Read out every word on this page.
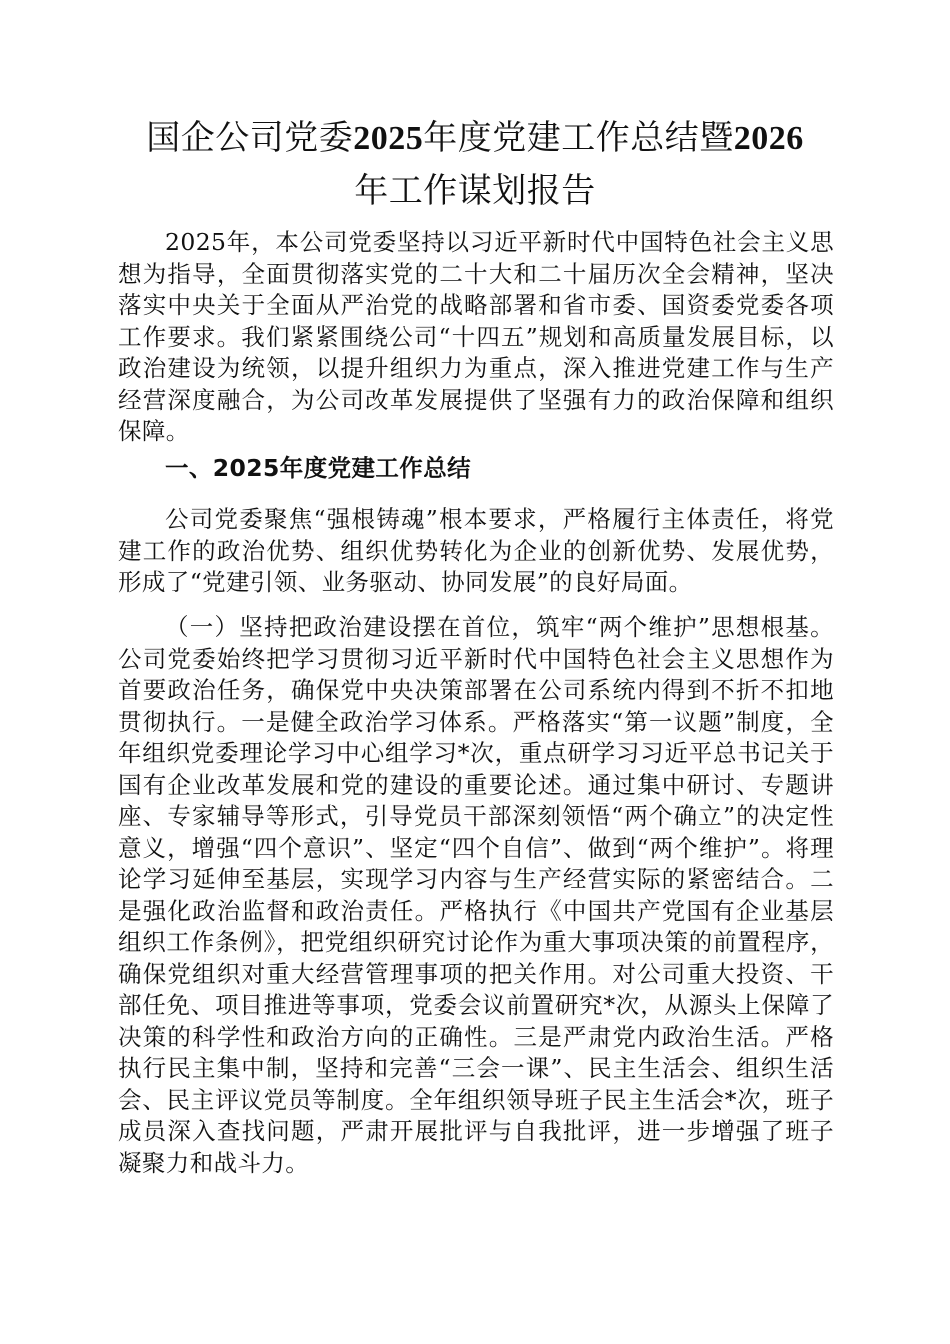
国企公司党委2025年度党建工作总结暨2026
年工作谋划报告

2025年，本公司党委坚持以习近平新时代中国特色社会主义思想为指导，全面贯彻落实党的二十大和二十届历次全会精神，坚决落实中央关于全面从严治党的战略部署和省市委、国资委党委各项工作要求。我们紧紧围绕公司“十四五”规划和高质量发展目标，以政治建设为统领，以提升组织力为重点，深入推进党建工作与生产经营深度融合，为公司改革发展提供了坚强有力的政治保障和组织保障。

一、2025年度党建工作总结

公司党委聚焦“强根铸魂”根本要求，严格履行主体责任，将党建工作的政治优势、组织优势转化为企业的创新优势、发展优势，形成了“党建引领、业务驱动、协同发展”的良好局面。

（一）坚持把政治建设摆在首位，筑牢“两个维护”思想根基。公司党委始终把学习贯彻习近平新时代中国特色社会主义思想作为首要政治任务，确保党中央决策部署在公司系统内得到不折不扣地贯彻执行。一是健全政治学习体系。严格落实“第一议题”制度，全年组织党委理论学习中心组学习*次，重点研学习习近平总书记关于国有企业改革发展和党的建设的重要论述。通过集中研讨、专题讲座、专家辅导等形式，引导党员干部深刻领悟“两个确立”的决定性意义，增强“四个意识”、坚定“四个自信”、做到“两个维护”。将理论学习延伸至基层，实现学习内容与生产经营实际的紧密结合。二是强化政治监督和政治责任。严格执行《中国共产党国有企业基层组织工作条例》，把党组织研究讨论作为重大事项决策的前置程序，确保党组织对重大经营管理事项的把关作用。对公司重大投资、干部任免、项目推进等事项，党委会议前置研究*次，从源头上保障了决策的科学性和政治方向的正确性。三是严肃党内政治生活。严格执行民主集中制，坚持和完善“三会一课”、民主生活会、组织生活会、民主评议党员等制度。全年组织领导班子民主生活会*次，班子成员深入查找问题，严肃开展批评与自我批评，进一步增强了班子凝聚力和战斗力。
